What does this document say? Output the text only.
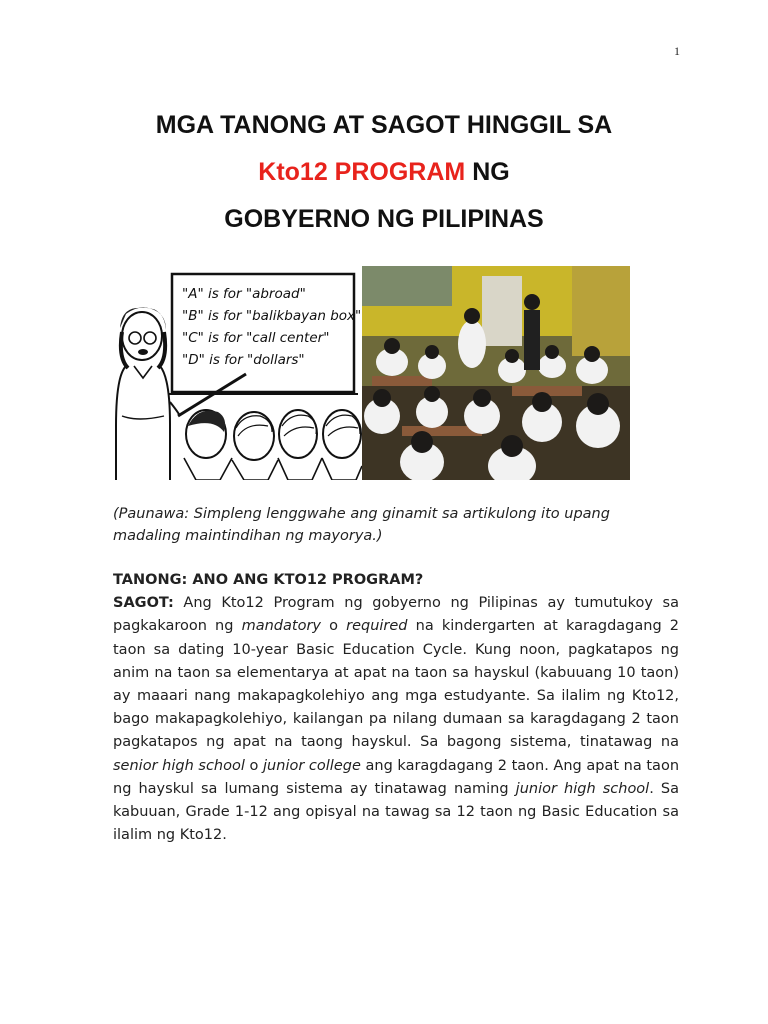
1
MGA TANONG AT SAGOT HINGGIL SA
Kto12 PROGRAM NG
GOBYERNO NG PILIPINAS
"A" is for "abroad"
"B" is for "balikbayan box"
"C" is for "call center"
"D" is for "dollars"
(Paunawa: Simpleng lenggwahe ang ginamit sa artikulong ito upang madaling maintindihan ng mayorya.)
TANONG: ANO ANG KTO12 PROGRAM?
SAGOT: Ang Kto12 Program ng gobyerno ng Pilipinas ay tumutukoy sa pagkakaroon ng mandatory o required na kindergarten at karagdagang 2 taon sa dating 10-year Basic Education Cycle. Kung noon, pagkatapos ng anim na taon sa elementarya at apat na taon sa hayskul (kabuuang 10 taon) ay maaari nang makapagkolehiyo ang mga estudyante. Sa ilalim ng Kto12, bago makapagkolehiyo, kailangan pa nilang dumaan sa karagdagang 2 taon pagkatapos ng apat na taong hayskul. Sa bagong sistema, tinatawag na senior high school o junior college ang karagdagang 2 taon. Ang apat na taon ng hayskul sa lumang sistema ay tinatawag naming junior high school. Sa kabuuan, Grade 1-12 ang opisyal na tawag sa 12 taon ng Basic Education sa ilalim ng Kto12.
